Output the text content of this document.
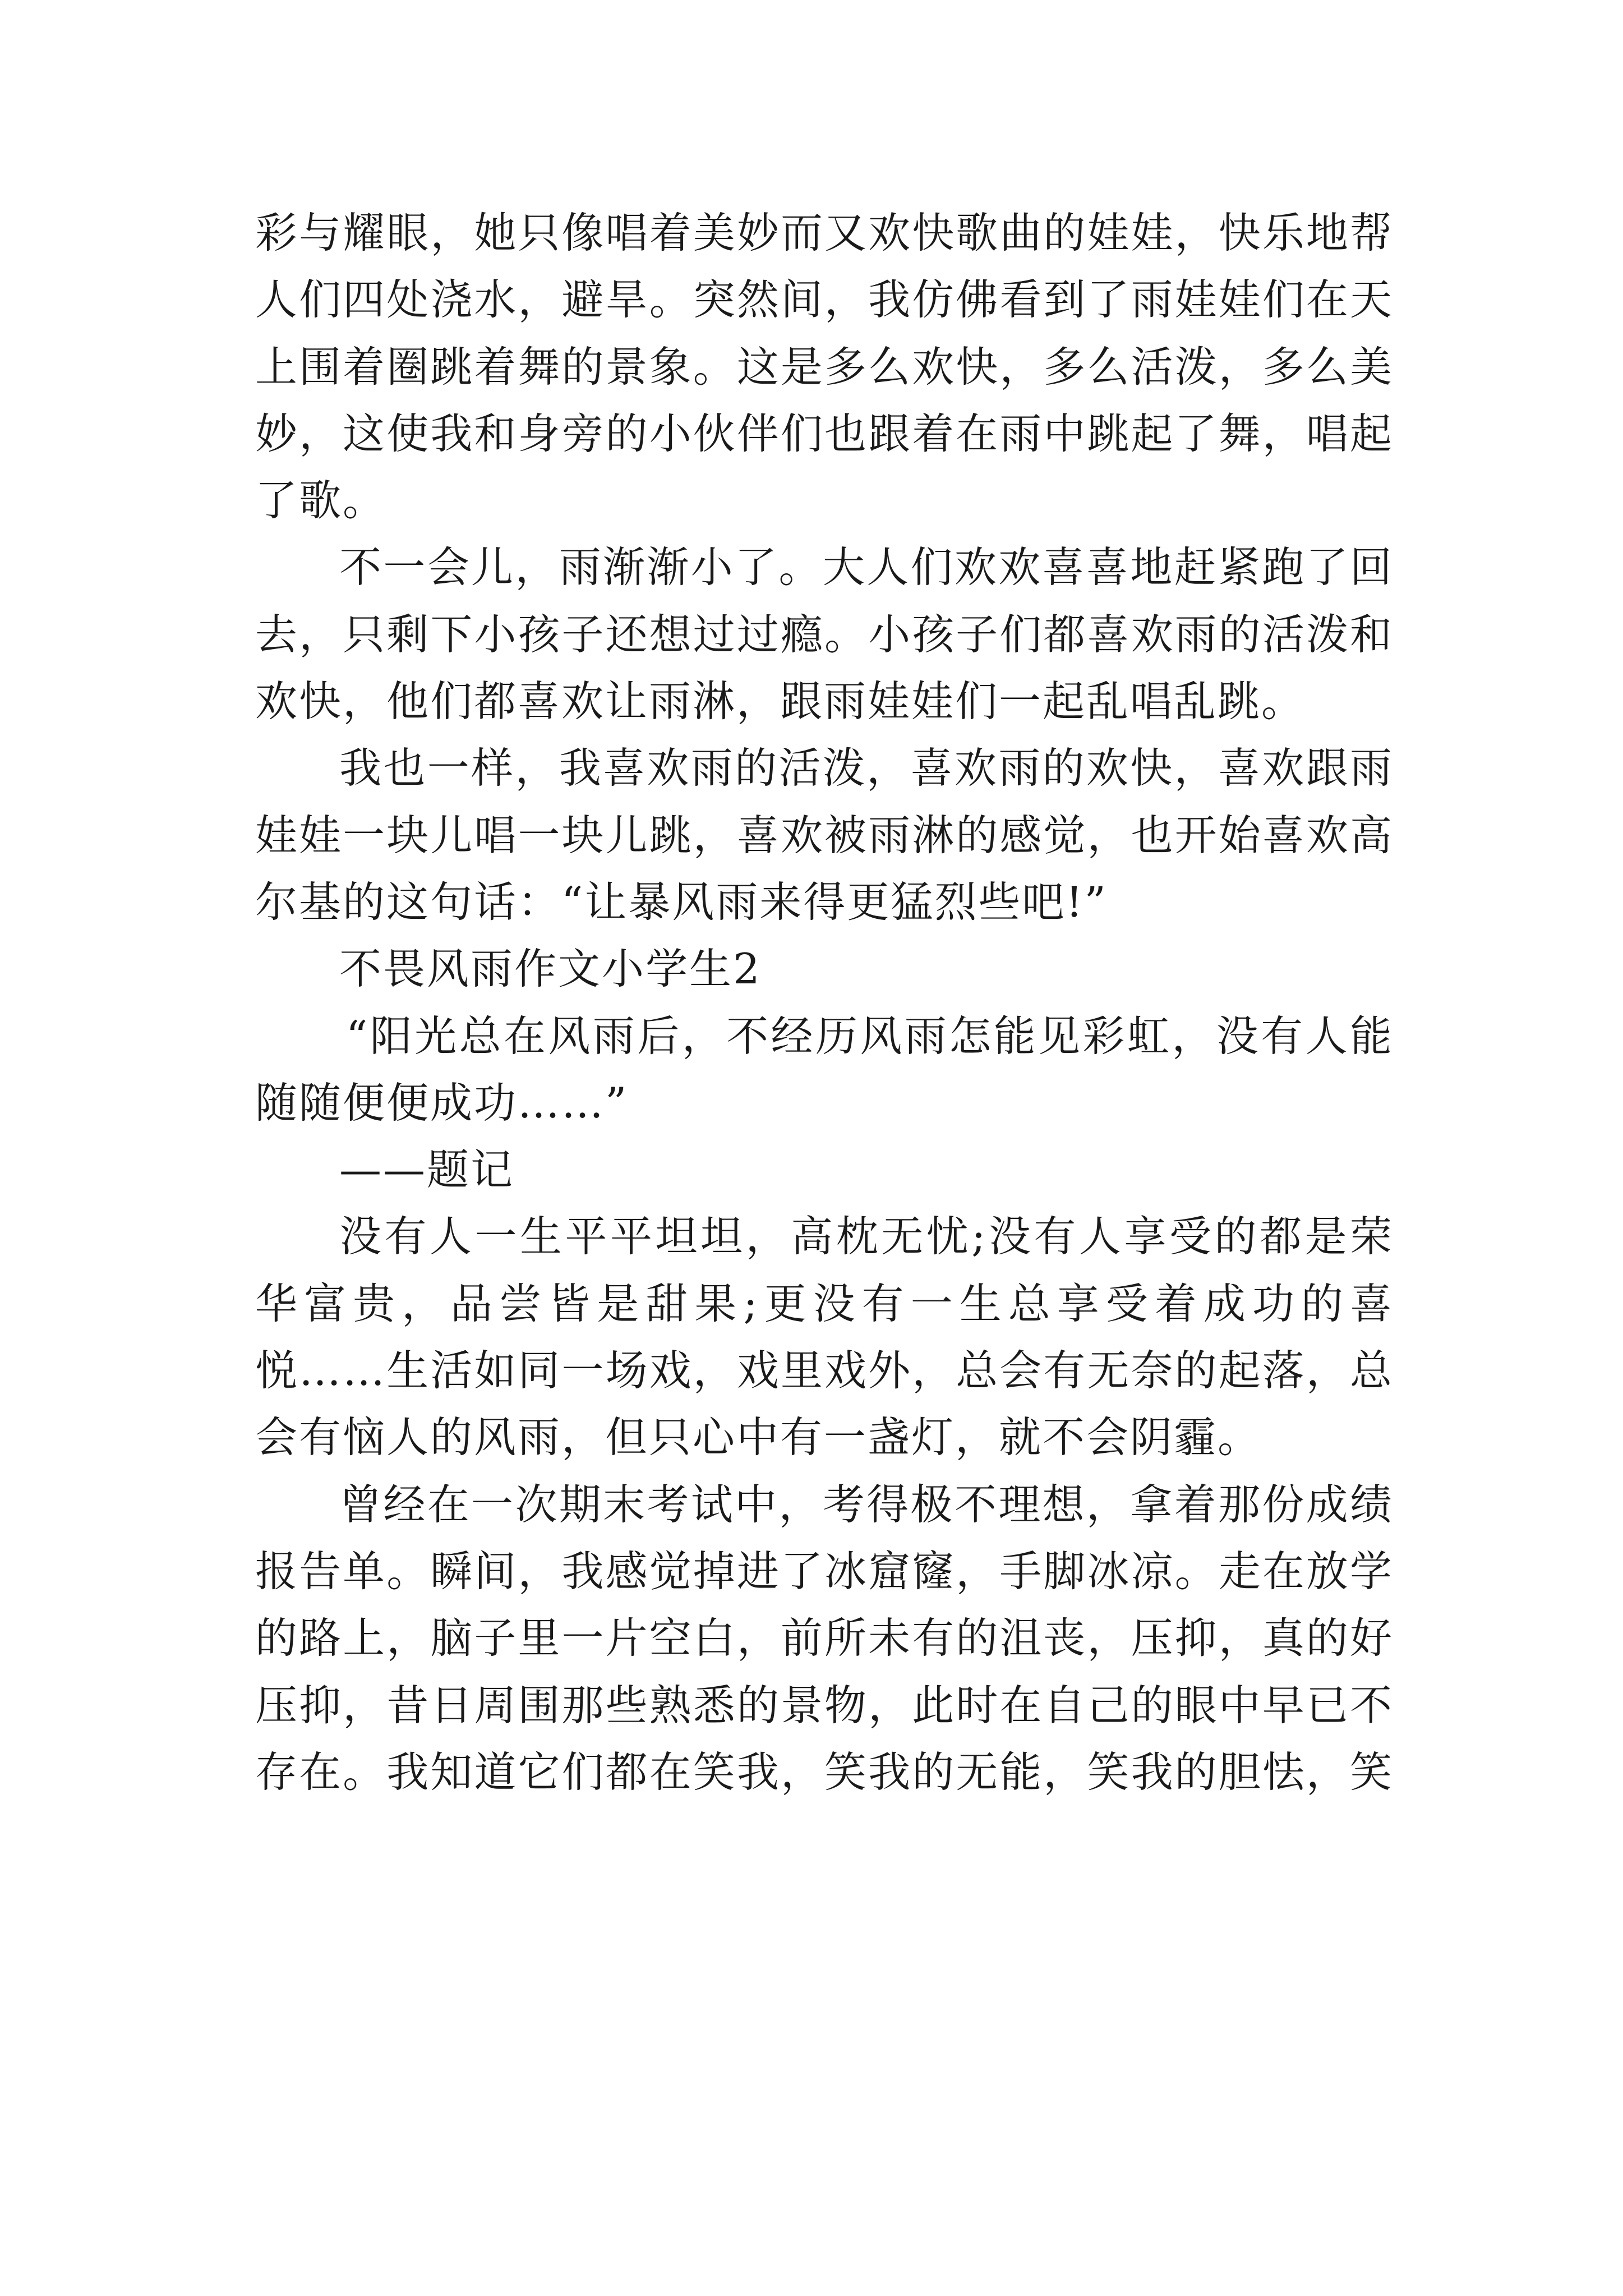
彩与耀眼，她只像唱着美妙而又欢快歌曲的娃娃，快乐地帮
人们四处浇水，避旱。突然间，我仿佛看到了雨娃娃们在天
上围着圈跳着舞的景象。这是多么欢快，多么活泼，多么美
妙，这使我和身旁的小伙伴们也跟着在雨中跳起了舞，唱起
了歌。
不一会儿，雨渐渐小了。大人们欢欢喜喜地赶紧跑了回
去，只剩下小孩子还想过过瘾。小孩子们都喜欢雨的活泼和
欢快，他们都喜欢让雨淋，跟雨娃娃们一起乱唱乱跳。
我也一样，我喜欢雨的活泼，喜欢雨的欢快，喜欢跟雨
娃娃一块儿唱一块儿跳，喜欢被雨淋的感觉，也开始喜欢高
尔基的这句话：“让暴风雨来得更猛烈些吧!”
不畏风雨作文小学生2
“阳光总在风雨后，不经历风雨怎能见彩虹，没有人能
随随便便成功……”
——题记
没有人一生平平坦坦，高枕无忧;没有人享受的都是荣
华富贵，品尝皆是甜果;更没有一生总享受着成功的喜
悦……生活如同一场戏，戏里戏外，总会有无奈的起落，总
会有恼人的风雨，但只心中有一盏灯，就不会阴霾。
曾经在一次期末考试中，考得极不理想，拿着那份成绩
报告单。瞬间，我感觉掉进了冰窟窿，手脚冰凉。走在放学
的路上，脑子里一片空白，前所未有的沮丧，压抑，真的好
压抑，昔日周围那些熟悉的景物，此时在自己的眼中早已不
存在。我知道它们都在笑我，笑我的无能，笑我的胆怯，笑
